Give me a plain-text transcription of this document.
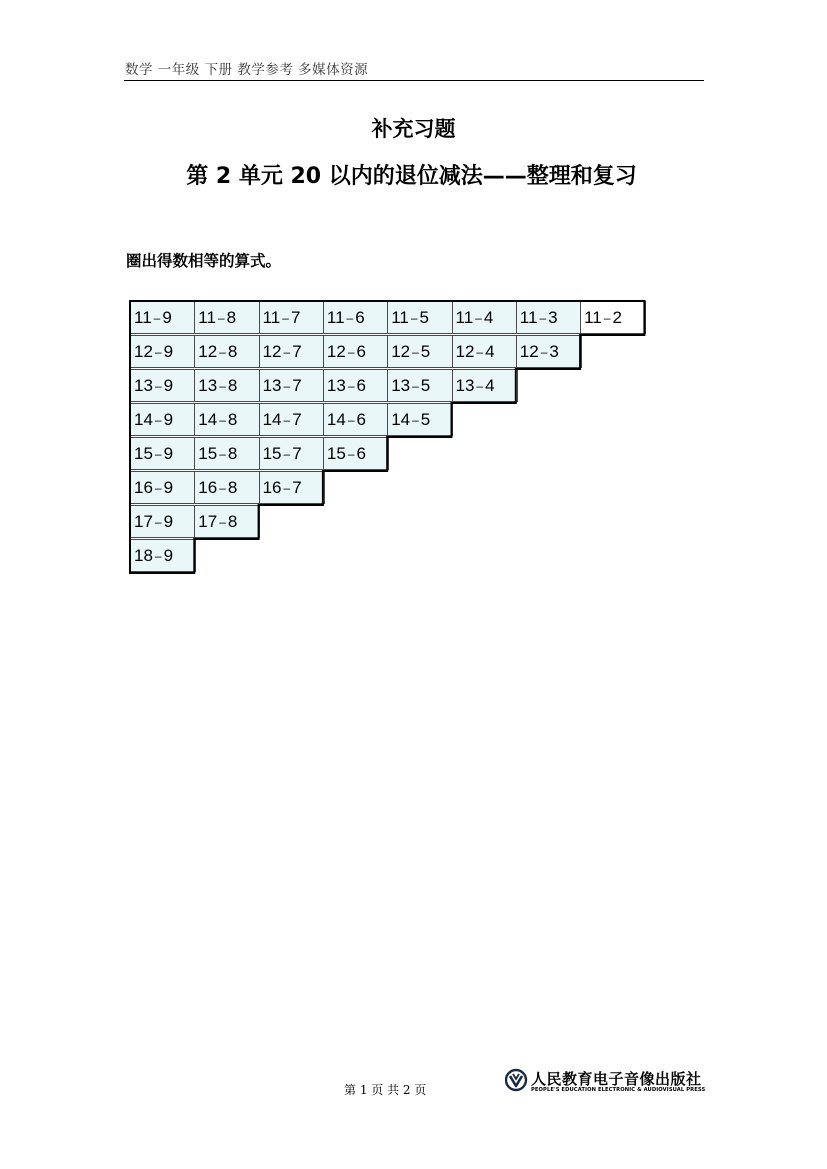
数学 一年级 下册 教学参考 多媒体资源
补充习题
第 2 单元 20 以内的退位减法——整理和复习
圈出得数相等的算式。
11 – 9	11 – 8	11 – 7	11 – 6	11 – 5	11 – 4	11 – 3	11 – 2
12 – 9	12 – 8	12 – 7	12 – 6	12 – 5	12 – 4	12 – 3
13 – 9	13 – 8	13 – 7	13 – 6	13 – 5	13 – 4
14 – 9	14 – 8	14 – 7	14 – 6	14 – 5
15 – 9	15 – 8	15 – 7	15 – 6
16 – 9	16 – 8	16 – 7
17 – 9	17 – 8
18 – 9
第 1 页 共 2 页
人民教育电子音像出版社
PEOPLE'S EDUCATION ELECTRONIC & AUDIOVISUAL PRESS
